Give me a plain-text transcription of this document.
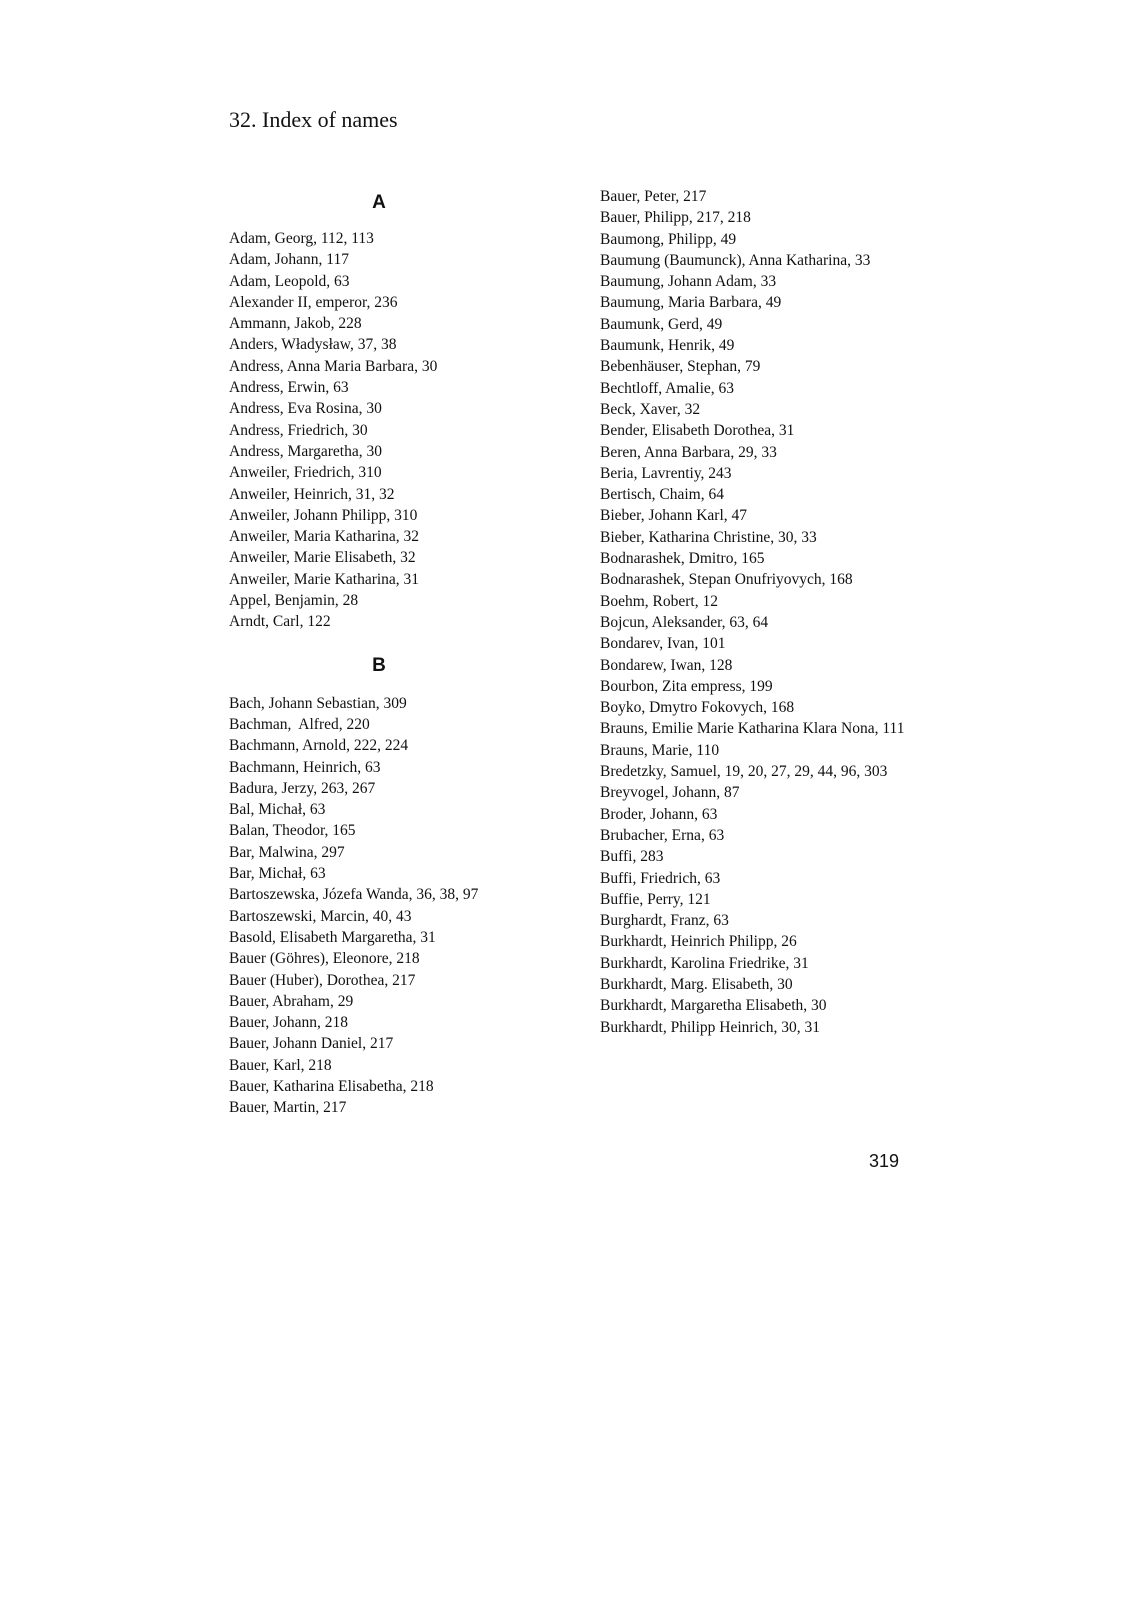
32. Index of names
A
Adam, Georg, 112, 113
Adam, Johann, 117
Adam, Leopold, 63
Alexander II, emperor, 236
Ammann, Jakob, 228
Anders, Władysław, 37, 38
Andress, Anna Maria Barbara, 30
Andress, Erwin, 63
Andress, Eva Rosina, 30
Andress, Friedrich, 30
Andress, Margaretha, 30
Anweiler, Friedrich, 310
Anweiler, Heinrich, 31, 32
Anweiler, Johann Philipp, 310
Anweiler, Maria Katharina, 32
Anweiler, Marie Elisabeth, 32
Anweiler, Marie Katharina, 31
Appel, Benjamin, 28
Arndt, Carl, 122
B
Bach, Johann Sebastian, 309
Bachman,  Alfred, 220
Bachmann, Arnold, 222, 224
Bachmann, Heinrich, 63
Badura, Jerzy, 263, 267
Bal, Michał, 63
Balan, Theodor, 165
Bar, Malwina, 297
Bar, Michał, 63
Bartoszewska, Józefa Wanda, 36, 38, 97
Bartoszewski, Marcin, 40, 43
Basold, Elisabeth Margaretha, 31
Bauer (Göhres), Eleonore, 218
Bauer (Huber), Dorothea, 217
Bauer, Abraham, 29
Bauer, Johann, 218
Bauer, Johann Daniel, 217
Bauer, Karl, 218
Bauer, Katharina Elisabetha, 218
Bauer, Martin, 217
Bauer, Peter, 217
Bauer, Philipp, 217, 218
Baumong, Philipp, 49
Baumung (Baumunck), Anna Katharina, 33
Baumung, Johann Adam, 33
Baumung, Maria Barbara, 49
Baumunk, Gerd, 49
Baumunk, Henrik, 49
Bebenhäuser, Stephan, 79
Bechtloff, Amalie, 63
Beck, Xaver, 32
Bender, Elisabeth Dorothea, 31
Beren, Anna Barbara, 29, 33
Beria, Lavrentiy, 243
Bertisch, Chaim, 64
Bieber, Johann Karl, 47
Bieber, Katharina Christine, 30, 33
Bodnarashek, Dmitro, 165
Bodnarashek, Stepan Onufriyovych, 168
Boehm, Robert, 12
Bojcun, Aleksander, 63, 64
Bondarev, Ivan, 101
Bondarew, Iwan, 128
Bourbon, Zita empress, 199
Boyko, Dmytro Fokovych, 168
Brauns, Emilie Marie Katharina Klara Nona, 111
Brauns, Marie, 110
Bredetzky, Samuel, 19, 20, 27, 29, 44, 96, 303
Breyvogel, Johann, 87
Broder, Johann, 63
Brubacher, Erna, 63
Buffi, 283
Buffi, Friedrich, 63
Buffie, Perry, 121
Burghardt, Franz, 63
Burkhardt, Heinrich Philipp, 26
Burkhardt, Karolina Friedrike, 31
Burkhardt, Marg. Elisabeth, 30
Burkhardt, Margaretha Elisabeth, 30
Burkhardt, Philipp Heinrich, 30, 31
319
